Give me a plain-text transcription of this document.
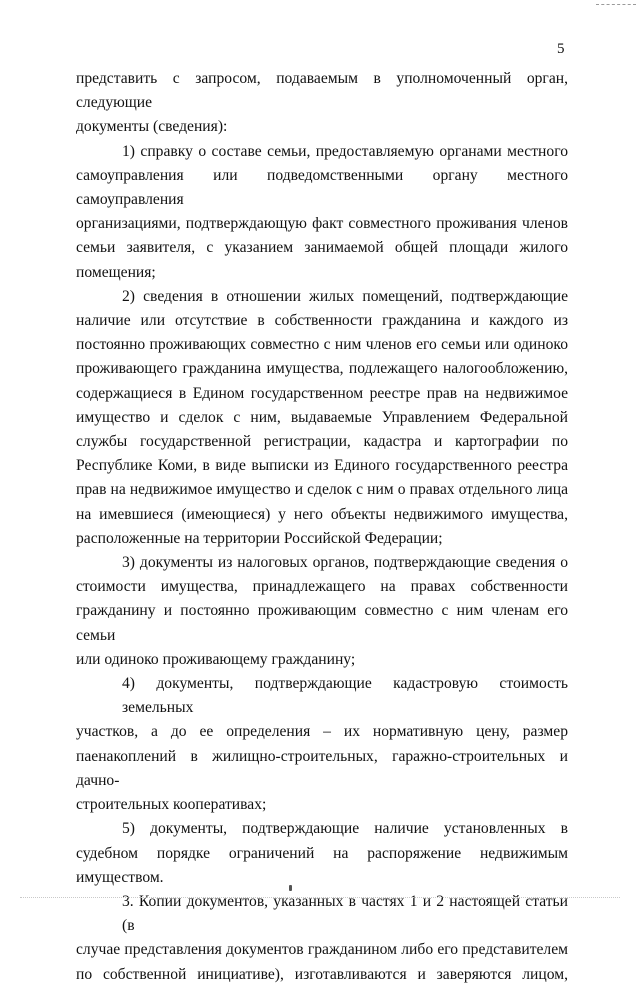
5

представить с запросом, подаваемым в уполномоченный орган, следующие
документы (сведения):

1) справку о составе семьи, предоставляемую органами местного
самоуправления или подведомственными органу местного самоуправления
организациями, подтверждающую факт совместного проживания членов
семьи заявителя, с указанием занимаемой общей площади жилого
помещения;

2) сведения в отношении жилых помещений, подтверждающие
наличие или отсутствие в собственности гражданина и каждого из
постоянно проживающих совместно с ним членов его семьи или одиноко
проживающего гражданина имущества, подлежащего налогообложению,
содержащиеся в Едином государственном реестре прав на недвижимое
имущество и сделок с ним, выдаваемые Управлением Федеральной
службы государственной регистрации, кадастра и картографии по
Республике Коми, в виде выписки из Единого государственного реестра
прав на недвижимое имущество и сделок с ним о правах отдельного лица
на имевшиеся (имеющиеся) у него объекты недвижимого имущества,
расположенные на территории Российской Федерации;

3) документы из налоговых органов, подтверждающие сведения о
стоимости имущества, принадлежащего на правах собственности
гражданину и постоянно проживающим совместно с ним членам его семьи
или одиноко проживающему гражданину;

4) документы, подтверждающие кадастровую стоимость земельных
участков, а до ее определения – их нормативную цену, размер
паенакоплений в жилищно-строительных, гаражно-строительных и дачно-
строительных кооперативах;

5) документы, подтверждающие наличие установленных в
судебном порядке ограничений на распоряжение недвижимым
имуществом.

3. Копии документов, указанных в частях 1 и 2 настоящей статьи (в
случае представления документов гражданином либо его представителем
по собственной инициативе), изготавливаются и заверяются лицом,
